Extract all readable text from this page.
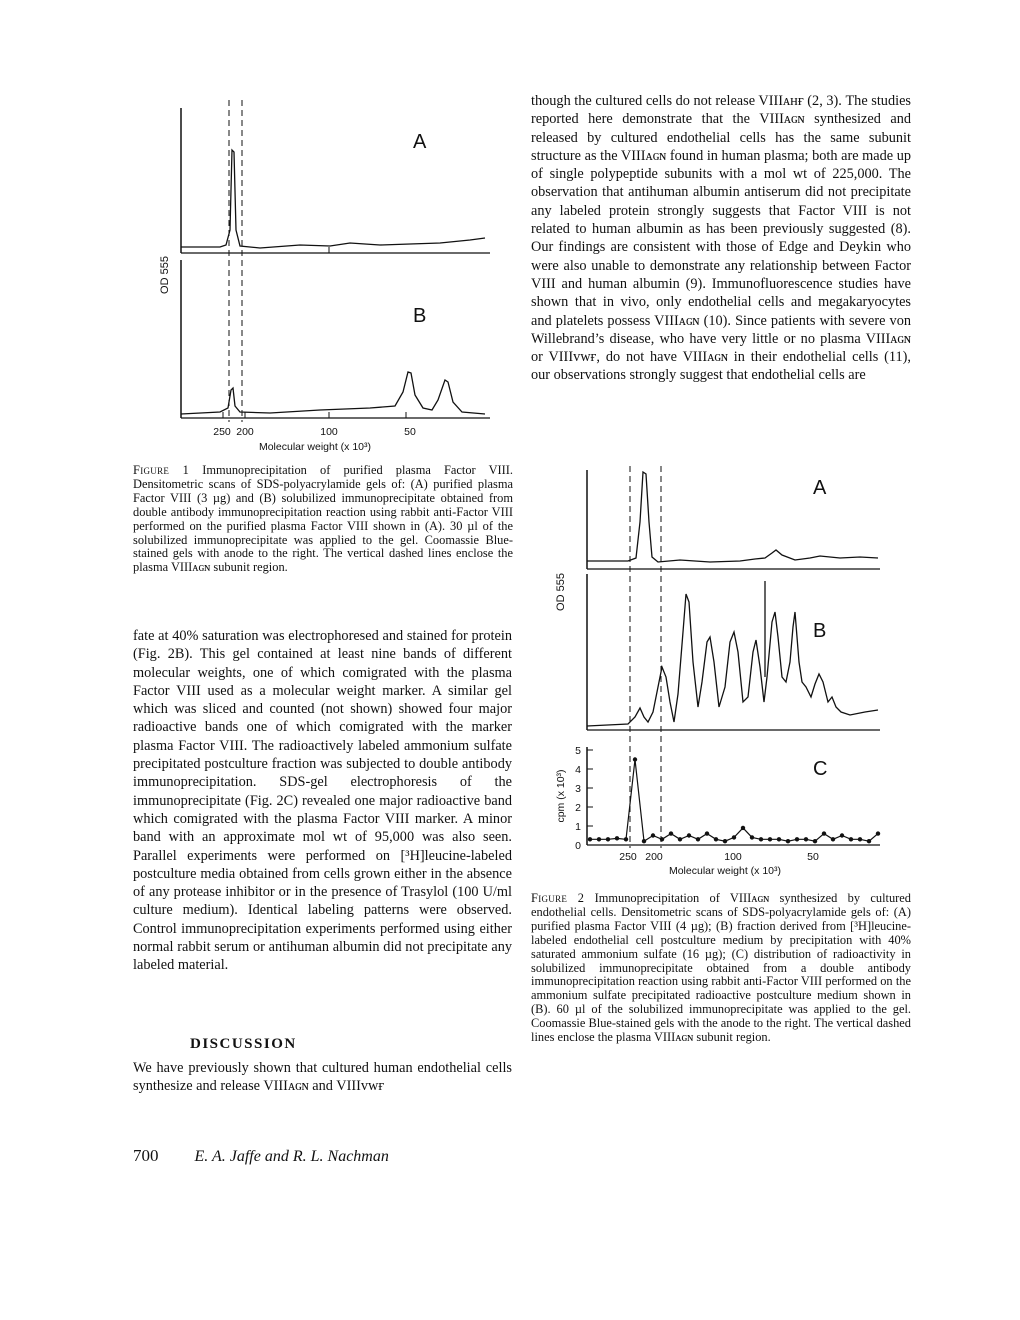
OD 555
A
B
250 200	100	50
Molecular weight (x 10³)

Figure 1 Immunoprecipitation of purified plasma Factor VIII. Densitometric scans of SDS-polyacrylamide gels of: (A) purified plasma Factor VIII (3 µg) and (B) solubilized immunoprecipitate obtained from double antibody immunoprecipitation reaction using rabbit anti-Factor VIII performed on the purified plasma Factor VIII shown in (A). 30 µl of the solubilized immunoprecipitate was applied to the gel. Coomassie Blue-stained gels with anode to the right. The vertical dashed lines enclose the plasma VIIIᴀɢɴ subunit region.

fate at 40% saturation was electrophoresed and stained for protein (Fig. 2B). This gel contained at least nine bands of different molecular weights, one of which comigrated with the plasma Factor VIII used as a molecular weight marker. A similar gel which was sliced and counted (not shown) showed four major radioactive bands one of which comigrated with the marker plasma Factor VIII. The radioactively labeled ammonium sulfate precipitated postculture fraction was subjected to double antibody immunoprecipitation. SDS-gel electrophoresis of the immunoprecipitate (Fig. 2C) revealed one major radioactive band which comigrated with the plasma Factor VIII marker. A minor band with an approximate mol wt of 95,000 was also seen. Parallel experiments were performed on [³H]leucine-labeled postculture media obtained from cells grown either in the absence of any protease inhibitor or in the presence of Trasylol (100 U/ml culture medium). Identical labeling patterns were observed. Control immunoprecipitation experiments performed using either normal rabbit serum or antihuman albumin did not precipitate any labeled material.

DISCUSSION

We have previously shown that cultured human endothelial cells synthesize and release VIIIᴀɢɴ and VIIIᴠᴡғ

though the cultured cells do not release VIIIᴀʜғ (2, 3). The studies reported here demonstrate that the VIIIᴀɢɴ synthesized and released by cultured endothelial cells has the same subunit structure as the VIIIᴀɢɴ found in human plasma; both are made up of single polypeptide subunits with a mol wt of 225,000. The observation that antihuman albumin antiserum did not precipitate any labeled protein strongly suggests that Factor VIII is not related to human albumin as has been previously suggested (8). Our findings are consistent with those of Edge and Deykin who were also unable to demonstrate any relationship between Factor VIII and human albumin (9). Immunofluorescence studies have shown that in vivo, only endothelial cells and megakaryocytes and platelets possess VIIIᴀɢɴ (10). Since patients with severe von Willebrand’s disease, who have very little or no plasma VIIIᴀɢɴ or VIIIᴠᴡғ, do not have VIIIᴀɢɴ in their endothelial cells (11), our observations strongly suggest that endothelial cells are

OD 555
A
B
0
1
2
3
4
5
cpm (x 10³)
C
250 200	100	50
Molecular weight (x 10³)

Figure 2 Immunoprecipitation of VIIIᴀɢɴ synthesized by cultured endothelial cells. Densitometric scans of SDS-polyacrylamide gels of: (A) purified plasma Factor VIII (4 µg); (B) fraction derived from [³H]leucine-labeled endothelial cell postculture medium by precipitation with 40% saturated ammonium sulfate (16 µg); (C) distribution of radioactivity in solubilized immunoprecipitate obtained from a double antibody immunoprecipitation reaction using rabbit anti-Factor VIII performed on the ammonium sulfate precipitated radioactive postculture medium shown in (B). 60 µl of the solubilized immunoprecipitate was applied to the gel. Coomassie Blue-stained gels with the anode to the right. The vertical dashed lines enclose the plasma VIIIᴀɢɴ subunit region.

700 E. A. Jaffe and R. L. Nachman
